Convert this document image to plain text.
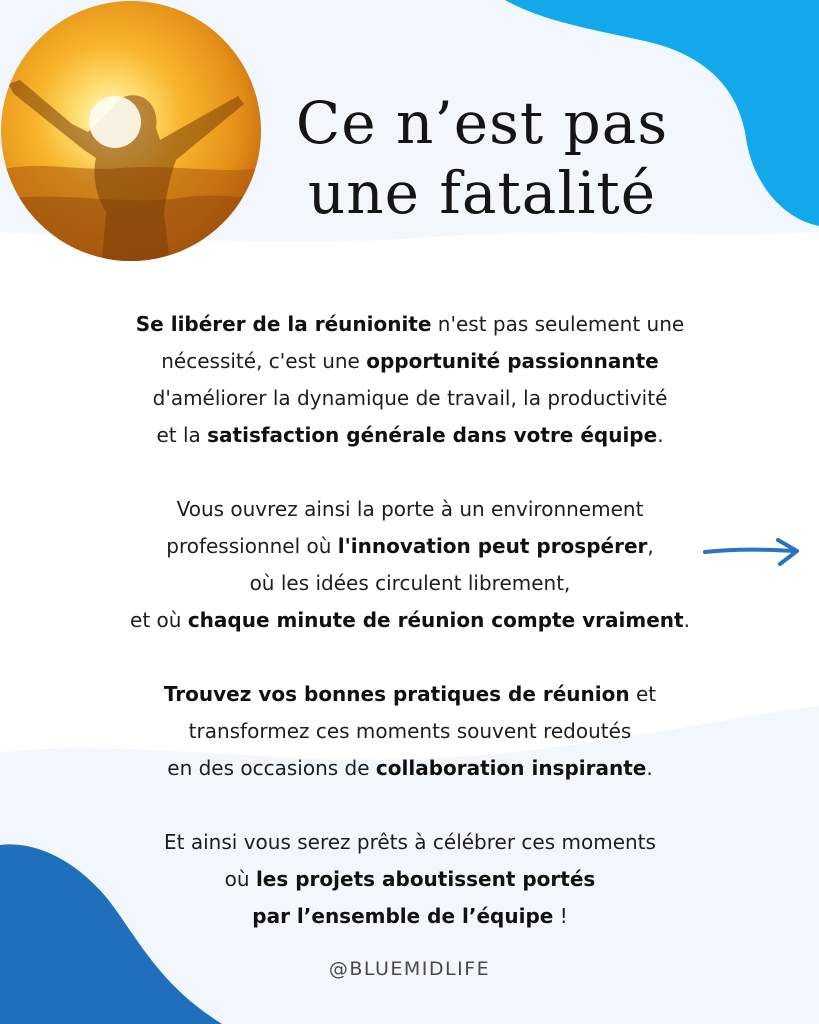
Ce n’est pas
une fatalité

Se libérer de la réunionite n'est pas seulement une
nécessité, c'est une opportunité passionnante
d'améliorer la dynamique de travail, la productivité
et la satisfaction générale dans votre équipe.

Vous ouvrez ainsi la porte à un environnement
professionnel où l'innovation peut prospérer,
où les idées circulent librement,
et où chaque minute de réunion compte vraiment.

Trouvez vos bonnes pratiques de réunion et
transformez ces moments souvent redoutés
en des occasions de collaboration inspirante.

Et ainsi vous serez prêts à célébrer ces moments
où les projets aboutissent portés
par l’ensemble de l’équipe !

@BLUEMIDLIFE
